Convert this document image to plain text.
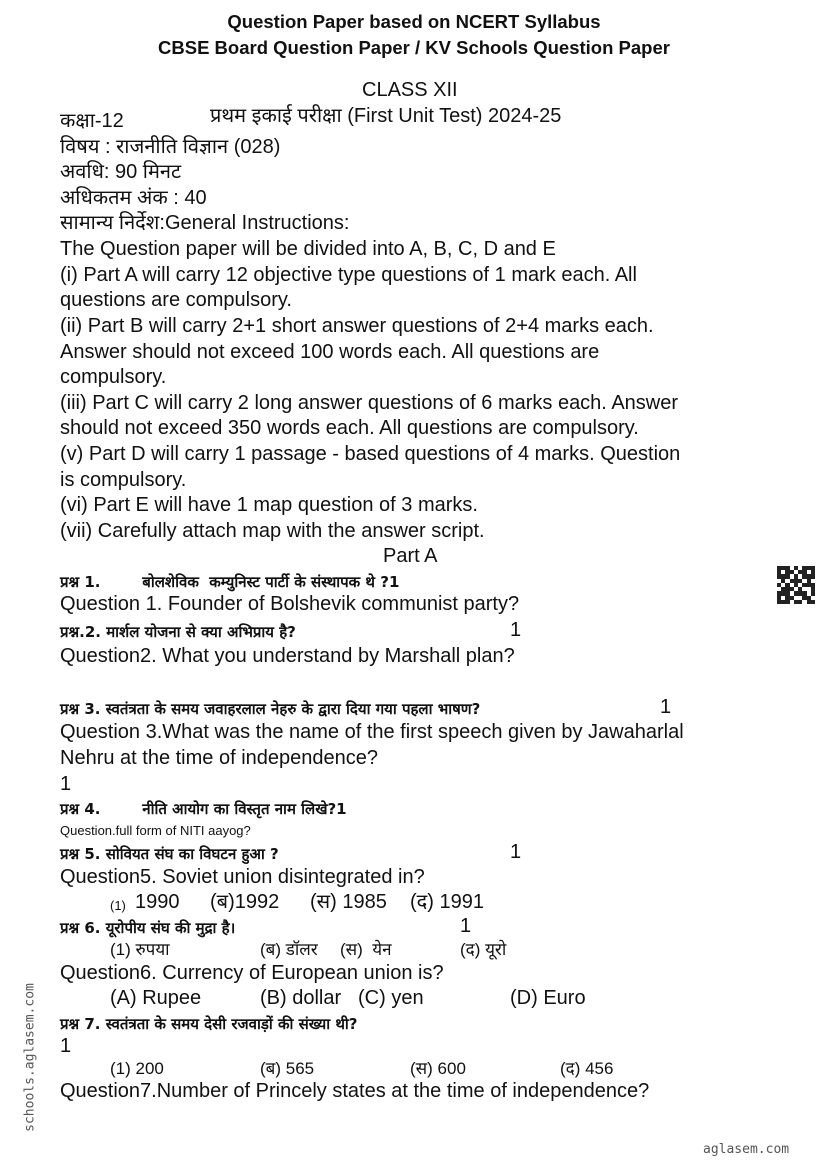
Question Paper based on NCERT Syllabus
CBSE Board Question Paper / KV Schools Question Paper
CLASS XII
कक्षा-12	प्रथम इकाई परीक्षा (First Unit Test) 2024-25
विषय : राजनीति विज्ञान (028)
अवधि: 90 मिनट
अधिकतम अंक : 40
सामान्य निर्देश:General Instructions:
The Question paper will be divided into A, B, C, D and E
(i) Part A will carry 12 objective type questions of 1 mark each. All
questions are compulsory.
(ii) Part B will carry 2+1 short answer questions of 2+4 marks each.
Answer should not exceed 100 words each. All questions are
compulsory.
(iii) Part C will carry 2 long answer questions of 6 marks each. Answer
should not exceed 350 words each. All questions are compulsory.
(v) Part D will carry 1 passage - based questions of 4 marks. Question
is compulsory.
(vi) Part E will have 1 map question of 3 marks.
(vii) Carefully attach map with the answer script.
Part A
प्रश्न 1.        बोलशेविक  कम्युनिस्ट पार्टी के संस्थापक थे ?1
Question 1. Founder of Bolshevik communist party?
प्रश्न.2. मार्शल योजना से क्या अभिप्राय है?	1
Question2. What you understand by Marshall plan?
प्रश्न 3. स्वतंत्रता के समय जवाहरलाल नेहरु के द्वारा दिया गया पहला भाषण?	1
Question 3.What was the name of the first speech given by Jawaharlal
Nehru at the time of independence?
1
प्रश्न 4.        नीति आयोग का विस्तृत नाम लिखे?1
Question.full form of NITI aayog?
प्रश्न 5. सोवियत संघ का विघटन हुआ ?	1
Question5. Soviet union disintegrated in?
(1) 1990 (ब)1992 (स) 1985 (द) 1991
प्रश्न 6. यूरोपीय संघ की मुद्रा है।	1
(1) रुपया	(ब) डॉलर (स)  येन	(द) यूरो
Question6. Currency of European union is?
(A) Rupee	(B) dollar (C) yen	(D) Euro
प्रश्न 7. स्वतंत्रता के समय देसी रजवाड़ों की संख्या थी?
1
(1) 200	(ब) 565	(स) 600	(द) 456
Question7.Number of Princely states at the time of independence?
schools.aglasem.com
aglasem.com
